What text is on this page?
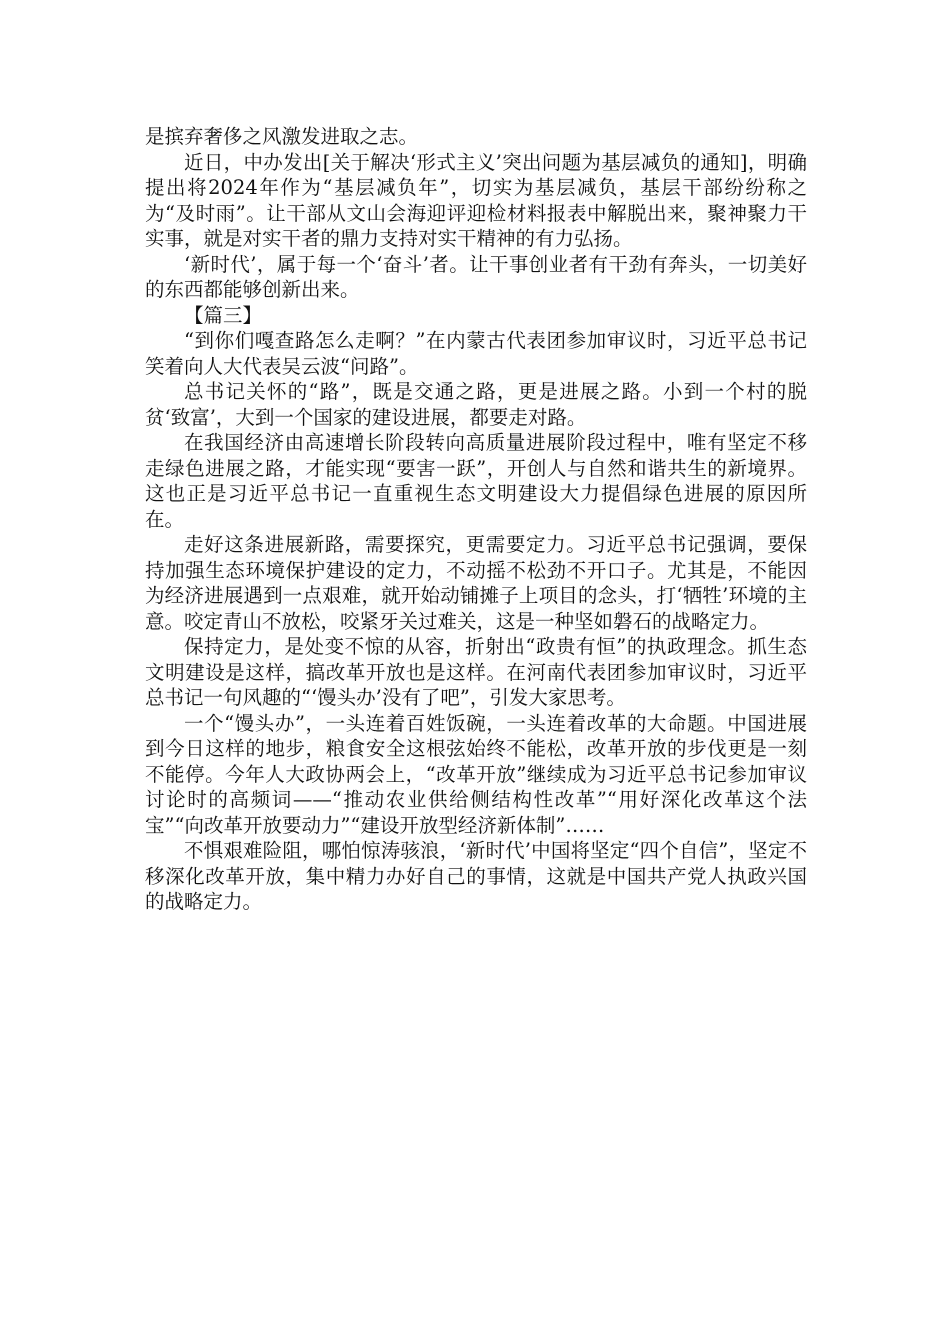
是摈弃奢侈之风激发进取之志。

近日，中办发出[关于解决‘形式主义’突出问题为基层减负的通知]，明确提出将2024年作为“基层减负年”，切实为基层减负，基层干部纷纷称之为“及时雨”。让干部从文山会海迎评迎检材料报表中解脱出来，聚神聚力干实事，就是对实干者的鼎力支持对实干精神的有力弘扬。

‘新时代’，属于每一个‘奋斗’者。让干事创业者有干劲有奔头，一切美好的东西都能够创新出来。

【篇三】

“到你们嘎查路怎么走啊？”在内蒙古代表团参加审议时，习近平总书记笑着向人大代表吴云波“问路”。

总书记关怀的“路”，既是交通之路，更是进展之路。小到一个村的脱贫‘致富’，大到一个国家的建设进展，都要走对路。

在我国经济由高速增长阶段转向高质量进展阶段过程中，唯有坚定不移走绿色进展之路，才能实现“要害一跃”，开创人与自然和谐共生的新境界。这也正是习近平总书记一直重视生态文明建设大力提倡绿色进展的原因所在。

走好这条进展新路，需要探究，更需要定力。习近平总书记强调，要保持加强生态环境保护建设的定力，不动摇不松劲不开口子。尤其是，不能因为经济进展遇到一点艰难，就开始动铺摊子上项目的念头，打‘牺牲’环境的主意。咬定青山不放松，咬紧牙关过难关，这是一种坚如磐石的战略定力。

保持定力，是处变不惊的从容，折射出“政贵有恒”的执政理念。抓生态文明建设是这样，搞改革开放也是这样。在河南代表团参加审议时，习近平总书记一句风趣的“‘馒头办’没有了吧”，引发大家思考。

一个“馒头办”，一头连着百姓饭碗，一头连着改革的大命题。中国进展到今日这样的地步，粮食安全这根弦始终不能松，改革开放的步伐更是一刻不能停。今年人大政协两会上，“改革开放”继续成为习近平总书记参加审议讨论时的高频词——“推动农业供给侧结构性改革”“用好深化改革这个法宝”“向改革开放要动力”“建设开放型经济新体制”……

不惧艰难险阻，哪怕惊涛骇浪，‘新时代’中国将坚定“四个自信”，坚定不移深化改革开放，集中精力办好自己的事情，这就是中国共产党人执政兴国的战略定力。
